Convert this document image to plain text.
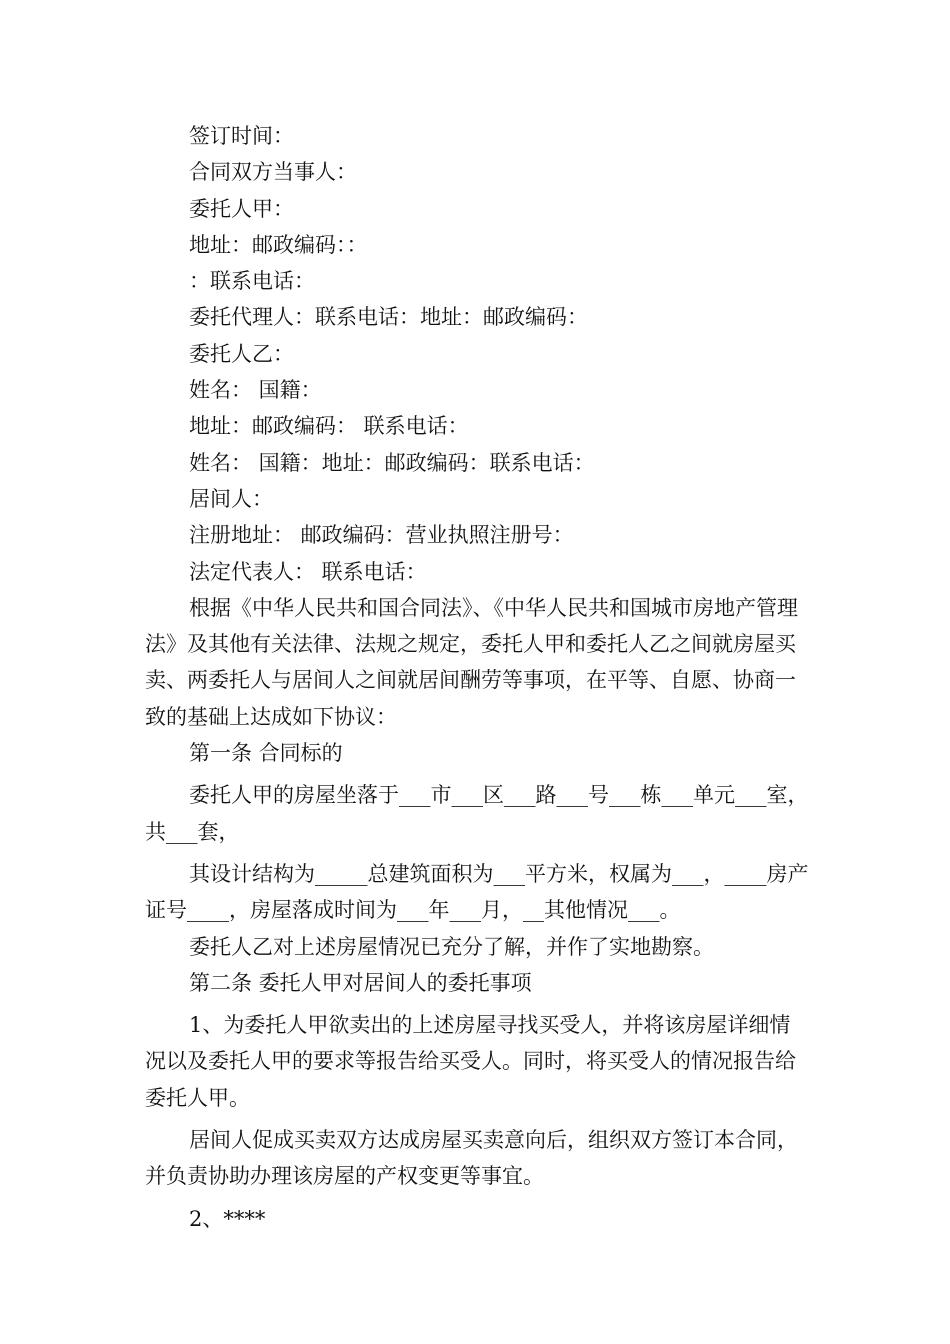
签订时间：

合同双方当事人：

委托人甲：

地址：邮政编码：：

：联系电话：

委托代理人：联系电话：地址：邮政编码：

委托人乙：

姓名： 国籍：

地址：邮政编码： 联系电话：

姓名： 国籍：地址：邮政编码：联系电话：

居间人：

注册地址： 邮政编码：营业执照注册号：

法定代表人： 联系电话：

根据《中华人民共和国合同法》、《中华人民共和国城市房地产管理法》及其他有关法律、法规之规定，委托人甲和委托人乙之间就房屋买卖、两委托人与居间人之间就居间酬劳等事项，在平等、自愿、协商一致的基础上达成如下协议：

第一条 合同标的

委托人甲的房屋坐落于___市___区___路___号___栋___单元___室，共___套，

其设计结构为_____总建筑面积为___平方米，权属为___，____房产证号____，房屋落成时间为___年___月，__其他情况___。

委托人乙对上述房屋情况已充分了解，并作了实地勘察。

第二条 委托人甲对居间人的委托事项

1、为委托人甲欲卖出的上述房屋寻找买受人，并将该房屋详细情况以及委托人甲的要求等报告给买受人。同时，将买受人的情况报告给委托人甲。

居间人促成买卖双方达成房屋买卖意向后，组织双方签订本合同，并负责协助办理该房屋的产权变更等事宜。

2、****
